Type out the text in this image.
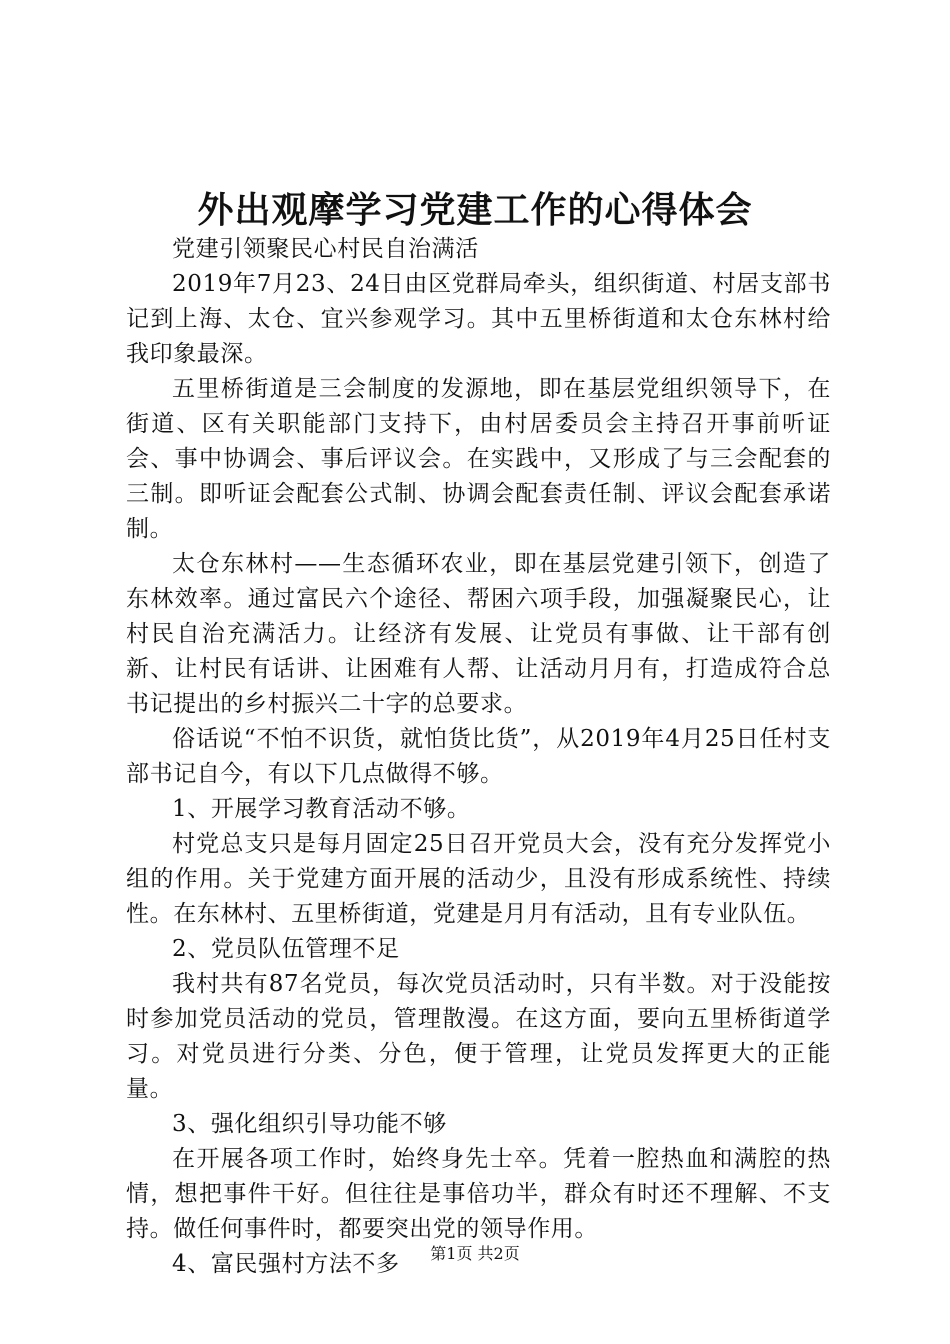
外出观摩学习党建工作的心得体会

党建引领聚民心村民自治满活

2019年7月23、24日由区党群局牵头，组织街道、村居支部书记到上海、太仓、宜兴参观学习。其中五里桥街道和太仓东林村给我印象最深。

五里桥街道是三会制度的发源地，即在基层党组织领导下，在街道、区有关职能部门支持下，由村居委员会主持召开事前听证会、事中协调会、事后评议会。在实践中，又形成了与三会配套的三制。即听证会配套公式制、协调会配套责任制、评议会配套承诺制。

太仓东林村——生态循环农业，即在基层党建引领下，创造了东林效率。通过富民六个途径、帮困六项手段，加强凝聚民心，让村民自治充满活力。让经济有发展、让党员有事做、让干部有创新、让村民有话讲、让困难有人帮、让活动月月有，打造成符合总书记提出的乡村振兴二十字的总要求。

俗话说“不怕不识货，就怕货比货”，从2019年4月25日任村支部书记自今，有以下几点做得不够。

1、开展学习教育活动不够。

村党总支只是每月固定25日召开党员大会，没有充分发挥党小组的作用。关于党建方面开展的活动少，且没有形成系统性、持续性。在东林村、五里桥街道，党建是月月有活动，且有专业队伍。

2、党员队伍管理不足

我村共有87名党员，每次党员活动时，只有半数。对于没能按时参加党员活动的党员，管理散漫。在这方面，要向五里桥街道学习。对党员进行分类、分色，便于管理，让党员发挥更大的正能量。

3、强化组织引导功能不够

在开展各项工作时，始终身先士卒。凭着一腔热血和满腔的热情，想把事件干好。但往往是事倍功半，群众有时还不理解、不支持。做任何事件时，都要突出党的领导作用。

4、富民强村方法不多	第1页 共2页
